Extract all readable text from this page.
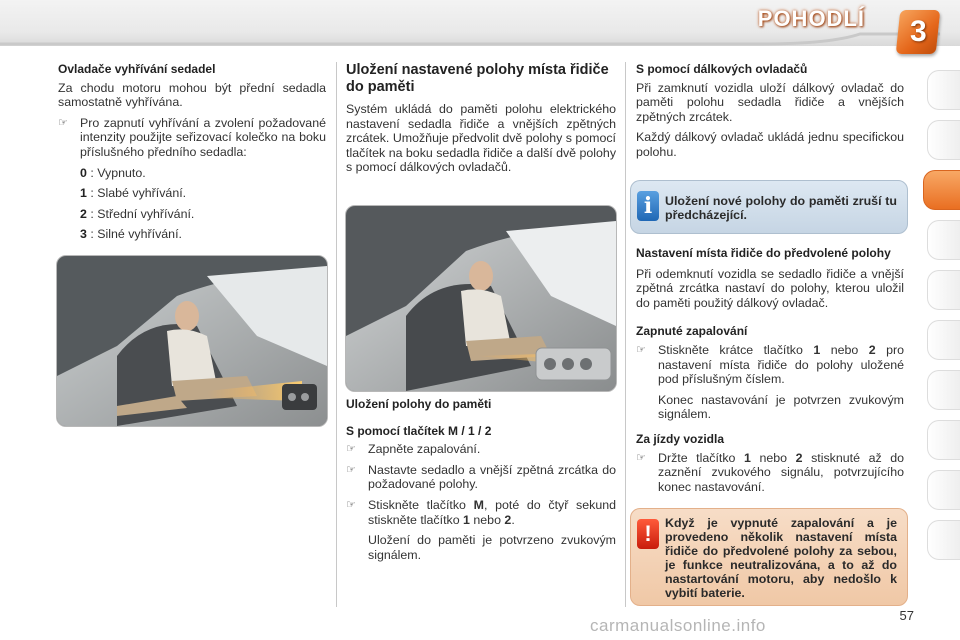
POHODLÍ 3
Ovladače vyhřívání sedadel

Za chodu motoru mohou být přední sedadla samostatně vyhřívána.

☞ Pro zapnutí vyhřívání a zvolení požadované intenzity použijte seřizovací kolečko na boku příslušného předního sedadla:
0 : Vypnuto.
1 : Slabé vyhřívání.
2 : Střední vyhřívání.
3 : Silné vyhřívání.
Uložení nastavené polohy místa řidiče do paměti

Systém ukládá do paměti polohu elektrického nastavení sedadla řidiče a vnějších zpětných zrcátek. Umožňuje předvolit dvě polohy s pomocí tlačítek na boku sedadla řidiče a další dvě polohy s pomocí dálkových ovladačů.

Uložení polohy do paměti
S pomocí tlačítek M / 1 / 2
☞ Zapněte zapalování.
☞ Nastavte sedadlo a vnější zpětná zrcátka do požadované polohy.
☞ Stiskněte tlačítko M, poté do čtyř sekund stiskněte tlačítko 1 nebo 2.
Uložení do paměti je potvrzeno zvukovým signálem.
S pomocí dálkových ovladačů

Při zamknutí vozidla uloží dálkový ovladač do paměti polohu sedadla řidiče a vnějších zpětných zrcátek.

Každý dálkový ovladač ukládá jednu specifickou polohu.

i	Uložení nové polohy do paměti zruší tu předcházející.
Nastavení místa řidiče do předvolené polohy

Při odemknutí vozidla se sedadlo řidiče a vnější zpětná zrcátka nastaví do polohy, kterou uložil do paměti použitý dálkový ovladač.

Zapnuté zapalování
☞ Stiskněte krátce tlačítko 1 nebo 2 pro nastavení místa řidiče do polohy uložené pod příslušným číslem.
Konec nastavování je potvrzen zvukovým signálem.
Za jízdy vozidla
☞ Držte tlačítko 1 nebo 2 stisknuté až do zaznění zvukového signálu, potvrzujícího konec nastavování.
!	Když je vypnuté zapalování a je provedeno několik nastavení místa řidiče do předvolené polohy za sebou, je funkce neutralizována, a to až do nastartování motoru, aby nedošlo k vybití baterie.
57
carmanualsonline.info
